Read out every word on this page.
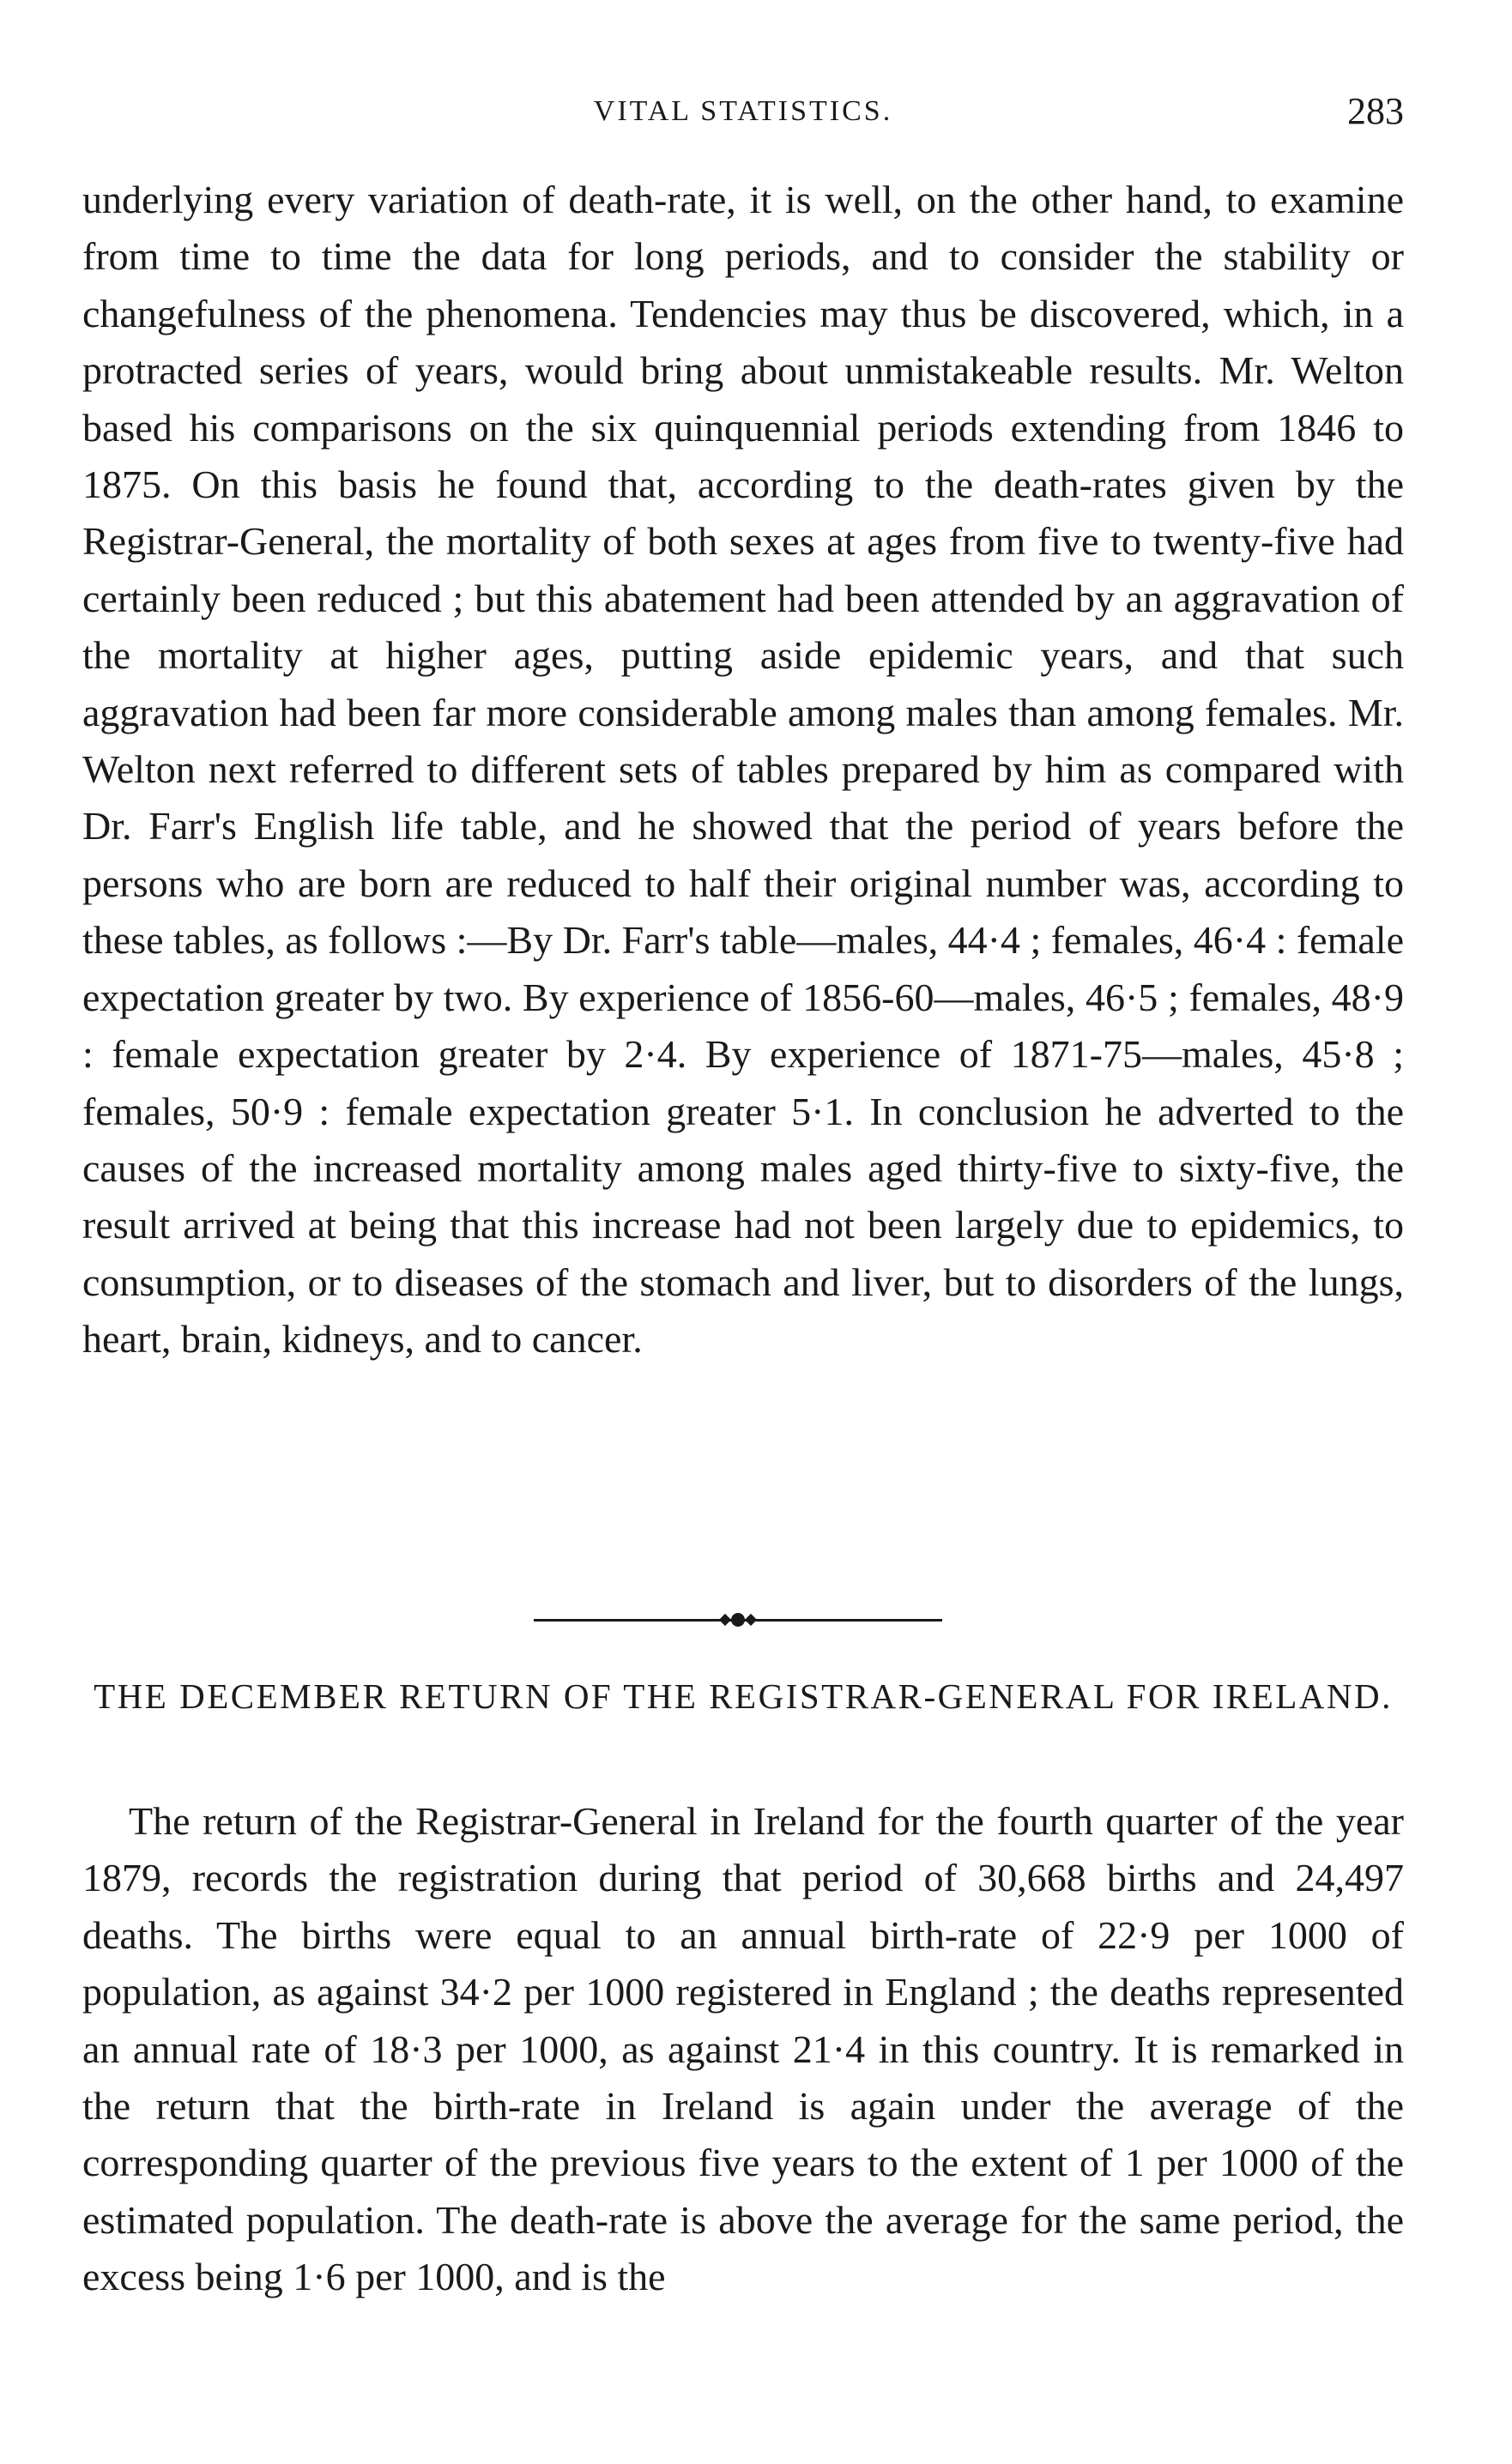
VITAL STATISTICS.	283

underlying every variation of death-rate, it is well, on the other hand, to examine from time to time the data for long periods, and to consider the stability or changefulness of the phenomena. Tendencies may thus be discovered, which, in a protracted series of years, would bring about unmistakeable results. Mr. Welton based his comparisons on the six quinquennial periods extending from 1846 to 1875. On this basis he found that, according to the death-rates given by the Registrar-General, the mortality of both sexes at ages from five to twenty-five had certainly been reduced ; but this abatement had been attended by an aggravation of the mortality at higher ages, putting aside epidemic years, and that such aggravation had been far more considerable among males than among females. Mr. Welton next referred to different sets of tables prepared by him as compared with Dr. Farr's English life table, and he showed that the period of years before the persons who are born are reduced to half their original number was, according to these tables, as follows :—By Dr. Farr's table—males, 44·4 ; females, 46·4 : female expectation greater by two. By experience of 1856-60—males, 46·5 ; females, 48·9 : female expectation greater by 2·4. By experience of 1871-75—males, 45·8 ; females, 50·9 : female expectation greater 5·1. In conclusion he adverted to the causes of the increased mortality among males aged thirty-five to sixty-five, the result arrived at being that this increase had not been largely due to epidemics, to consumption, or to diseases of the stomach and liver, but to disorders of the lungs, heart, brain, kidneys, and to cancer.

THE DECEMBER RETURN OF THE REGISTRAR-GENERAL FOR IRELAND.

The return of the Registrar-General in Ireland for the fourth quarter of the year 1879, records the registration during that period of 30,668 births and 24,497 deaths. The births were equal to an annual birth-rate of 22·9 per 1000 of population, as against 34·2 per 1000 registered in England ; the deaths represented an annual rate of 18·3 per 1000, as against 21·4 in this country. It is remarked in the return that the birth-rate in Ireland is again under the average of the corresponding quarter of the previous five years to the extent of 1 per 1000 of the estimated population. The death-rate is above the average for the same period, the excess being 1·6 per 1000, and is the
